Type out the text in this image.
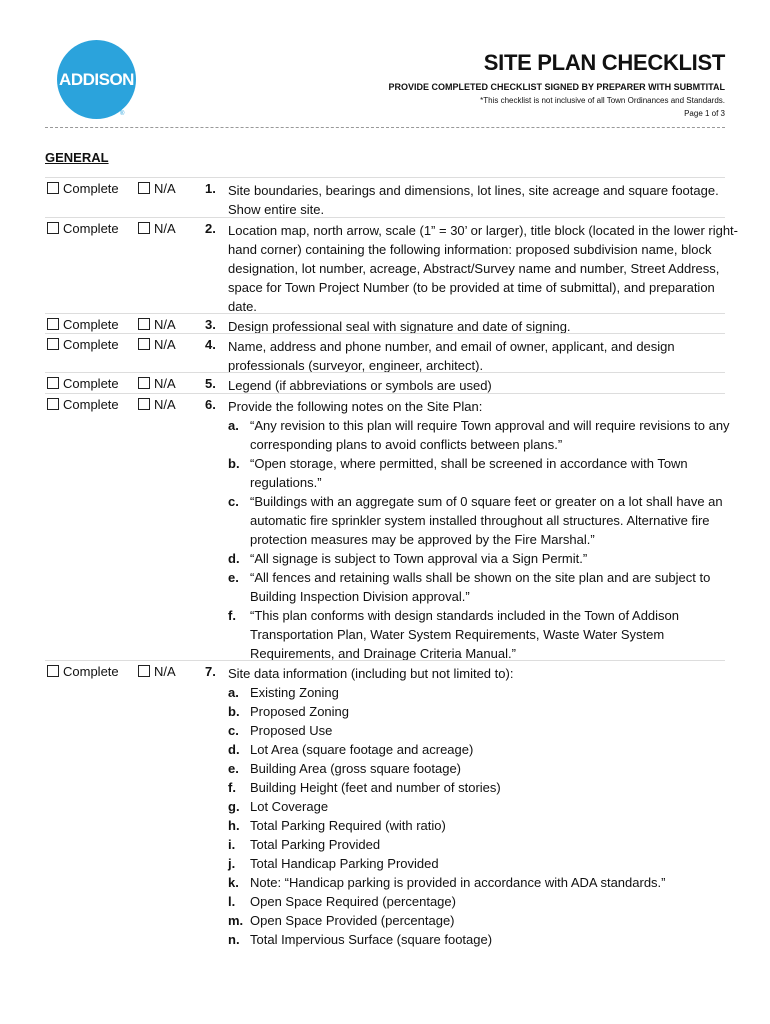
ADDISON
®
SITE PLAN CHECKLIST
PROVIDE COMPLETED CHECKLIST SIGNED BY PREPARER WITH SUBMTITAL
*This checklist is not inclusive of all Town Ordinances and Standards.
Page 1 of 3
GENERAL
Complete	N/A 1. Site boundaries, bearings and dimensions, lot lines, site acreage and square footage. Show entire site.
Complete	N/A 2. Location map, north arrow, scale (1” = 30’ or larger), title block (located in the lower right-hand corner) containing the following information: proposed subdivision name, block designation, lot number, acreage, Abstract/Survey name and number, Street Address, space for Town Project Number (to be provided at time of submittal), and preparation date.
Complete	N/A 3. Design professional seal with signature and date of signing.
Complete	N/A 4. Name, address and phone number, and email of owner, applicant, and design professionals (surveyor, engineer, architect).
Complete	N/A 5. Legend (if abbreviations or symbols are used)
Complete	N/A 6. Provide the following notes on the Site Plan:
a. “Any revision to this plan will require Town approval and will require revisions to any corresponding plans to avoid conflicts between plans.”
b. “Open storage, where permitted, shall be screened in accordance with Town regulations.”
c. “Buildings with an aggregate sum of 0 square feet or greater on a lot shall have an automatic fire sprinkler system installed throughout all structures. Alternative fire protection measures may be approved by the Fire Marshal.”
d. “All signage is subject to Town approval via a Sign Permit.”
e. “All fences and retaining walls shall be shown on the site plan and are subject to Building Inspection Division approval.”
f. “This plan conforms with design standards included in the Town of Addison Transportation Plan, Water System Requirements, Waste Water System Requirements, and Drainage Criteria Manual.”
Complete	N/A 7. Site data information (including but not limited to):
a. Existing Zoning
b. Proposed Zoning
c. Proposed Use
d. Lot Area (square footage and acreage)
e. Building Area (gross square footage)
f. Building Height (feet and number of stories)
g. Lot Coverage
h. Total Parking Required (with ratio)
i. Total Parking Provided
j. Total Handicap Parking Provided
k. Note: “Handicap parking is provided in accordance with ADA standards.”
l. Open Space Required (percentage)
m. Open Space Provided (percentage)
n. Total Impervious Surface (square footage)
